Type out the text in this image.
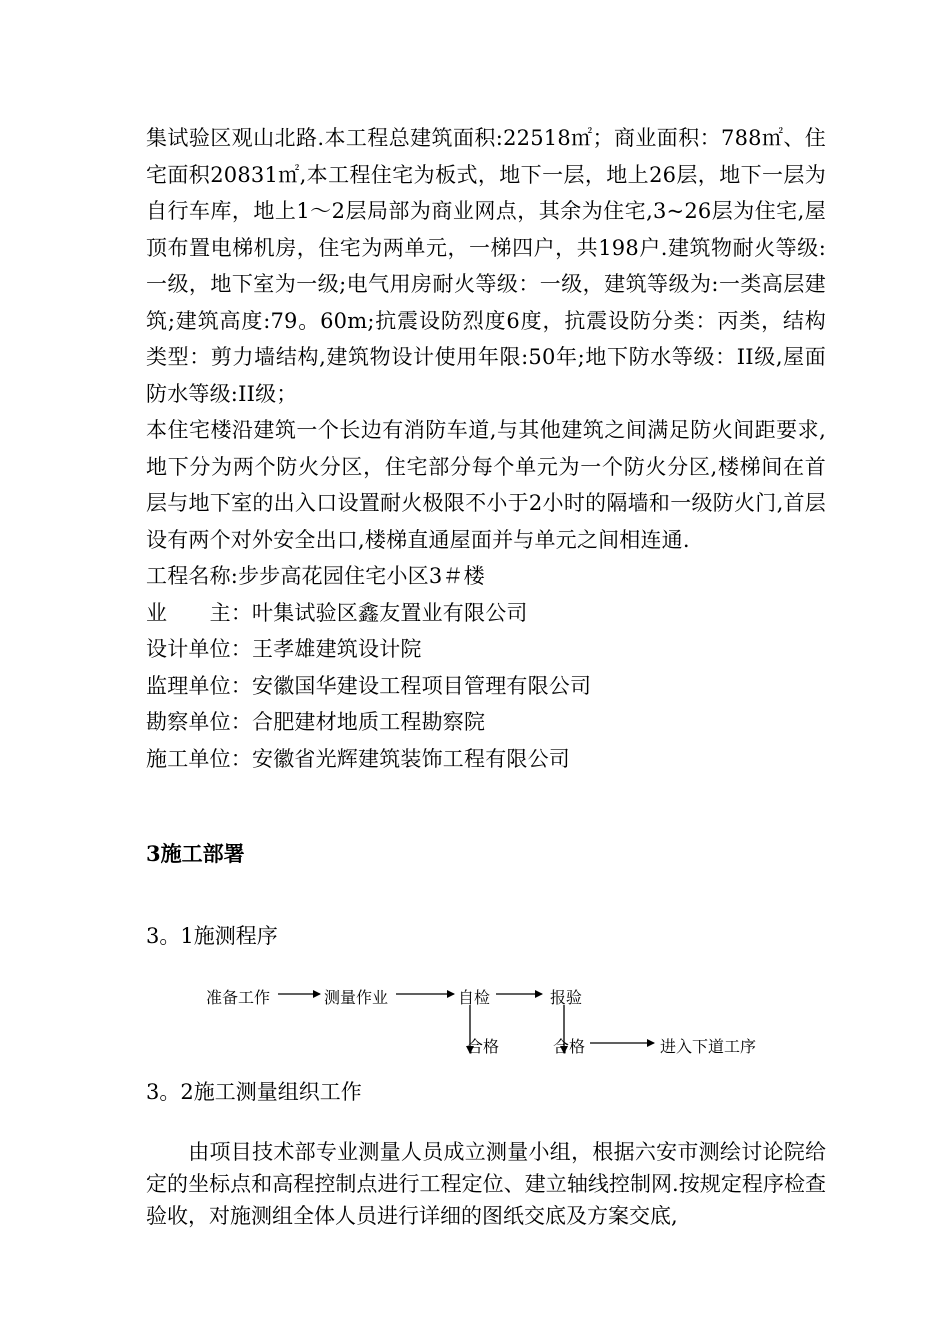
集试验区观山北路.本工程总建筑面积:22518㎡；商业面积：788㎡、住宅面积20831㎡,本工程住宅为板式，地下一层，地上26层，地下一层为自行车库，地上1～2层局部为商业网点，其余为住宅,3~26层为住宅,屋顶布置电梯机房，住宅为两单元，一梯四户，共198户.建筑物耐火等级:一级，地下室为一级;电气用房耐火等级：一级，建筑等级为:一类高层建筑;建筑高度:79。60m;抗震设防烈度6度，抗震设防分类：丙类，结构类型：剪力墙结构,建筑物设计使用年限:50年;地下防水等级：II级,屋面防水等级:II级；

本住宅楼沿建筑一个长边有消防车道,与其他建筑之间满足防火间距要求,地下分为两个防火分区，住宅部分每个单元为一个防火分区,楼梯间在首层与地下室的出入口设置耐火极限不小于2小时的隔墙和一级防火门,首层设有两个对外安全出口,楼梯直通屋面并与单元之间相连通.

工程名称:步步高花园住宅小区3＃楼

业　　主：叶集试验区鑫友置业有限公司

设计单位：王孝雄建筑设计院

监理单位：安徽国华建设工程项目管理有限公司

勘察单位：合肥建材地质工程勘察院

施工单位：安徽省光辉建筑装饰工程有限公司

3施工部署
3。1施测程序
准备工作	测量作业	自检	报验
合格	合格	进入下道工序
3。2施工测量组织工作
由项目技术部专业测量人员成立测量小组，根据六安市测绘讨论院给定的坐标点和高程控制点进行工程定位、建立轴线控制网.按规定程序检查验收，对施测组全体人员进行详细的图纸交底及方案交底,
